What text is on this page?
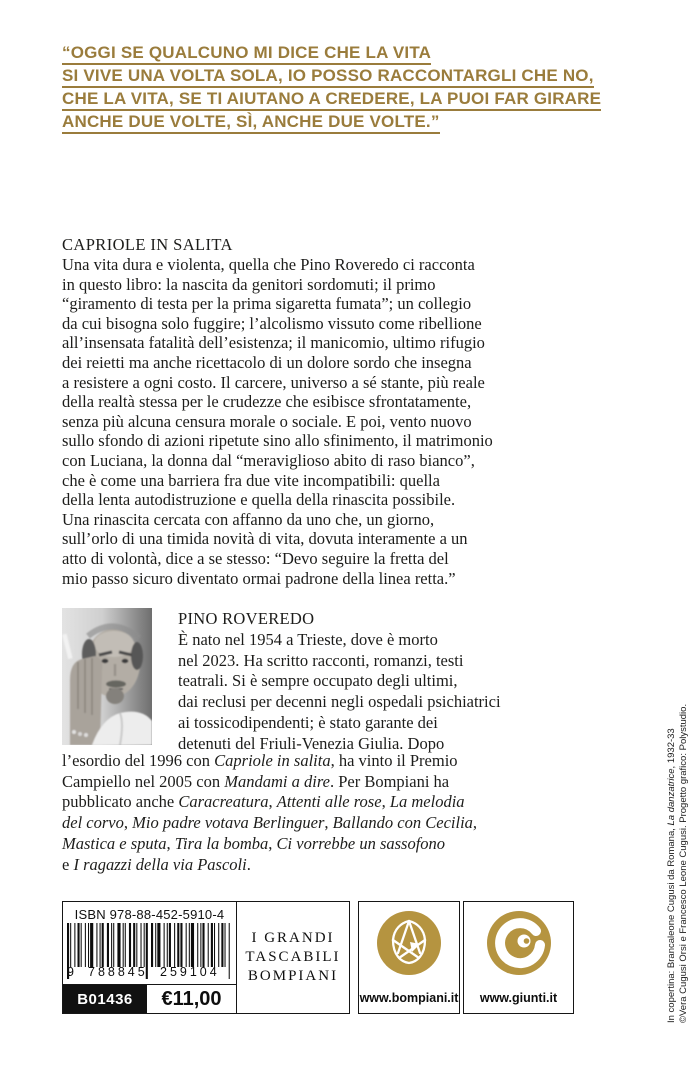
“OGGI SE QUALCUNO MI DICE CHE LA VITA
SI VIVE UNA VOLTA SOLA, IO POSSO RACCONTARGLI CHE NO,
CHE LA VITA, SE TI AIUTANO A CREDERE, LA PUOI FAR GIRARE
ANCHE DUE VOLTE, SÌ, ANCHE DUE VOLTE.”
CAPRIOLE IN SALITA
Una vita dura e violenta, quella che Pino Roveredo ci racconta
in questo libro: la nascita da genitori sordomuti; il primo
“giramento di testa per la prima sigaretta fumata”; un collegio
da cui bisogna solo fuggire; l’alcolismo vissuto come ribellione
all’insensata fatalità dell’esistenza; il manicomio, ultimo rifugio
dei reietti ma anche ricettacolo di un dolore sordo che insegna
a resistere a ogni costo. Il carcere, universo a sé stante, più reale
della realtà stessa per le crudezze che esibisce sfrontatamente,
senza più alcuna censura morale o sociale. E poi, vento nuovo
sullo sfondo di azioni ripetute sino allo sfinimento, il matrimonio
con Luciana, la donna dal “meraviglioso abito di raso bianco”,
che è come una barriera fra due vite incompatibili: quella
della lenta autodistruzione e quella della rinascita possibile.
Una rinascita cercata con affanno da uno che, un giorno,
sull’orlo di una timida novità di vita, dovuta interamente a un
atto di volontà, dice a se stesso: “Devo seguire la fretta del
mio passo sicuro diventato ormai padrone della linea retta.”
PINO ROVEREDO
È nato nel 1954 a Trieste, dove è morto
nel 2023. Ha scritto racconti, romanzi, testi
teatrali. Si è sempre occupato degli ultimi,
dai reclusi per decenni negli ospedali psichiatrici
ai tossicodipendenti; è stato garante dei
detenuti del Friuli-Venezia Giulia. Dopo
l’esordio del 1996 con Capriole in salita, ha vinto il Premio
Campiello nel 2005 con Mandami a dire. Per Bompiani ha
pubblicato anche Caracreatura, Attenti alle rose, La melodia
del corvo, Mio padre votava Berlinguer, Ballando con Cecilia,
Mastica e sputa, Tira la bomba, Ci vorrebbe un sassofono
e I ragazzi della via Pascoli.
ISBN 978-88-452-5910-4
9 788845 259104
B01436	€11,00
I GRANDI
TASCABILI
BOMPIANI
www.bompiani.it	www.giunti.it	In copertina: Brancaleone Cugusi da Romana, La danzatrice, 1932-33 ©Vera Cugusi Orsi e Francesco Leone Cugusi. Progetto grafico: Polystudio.
